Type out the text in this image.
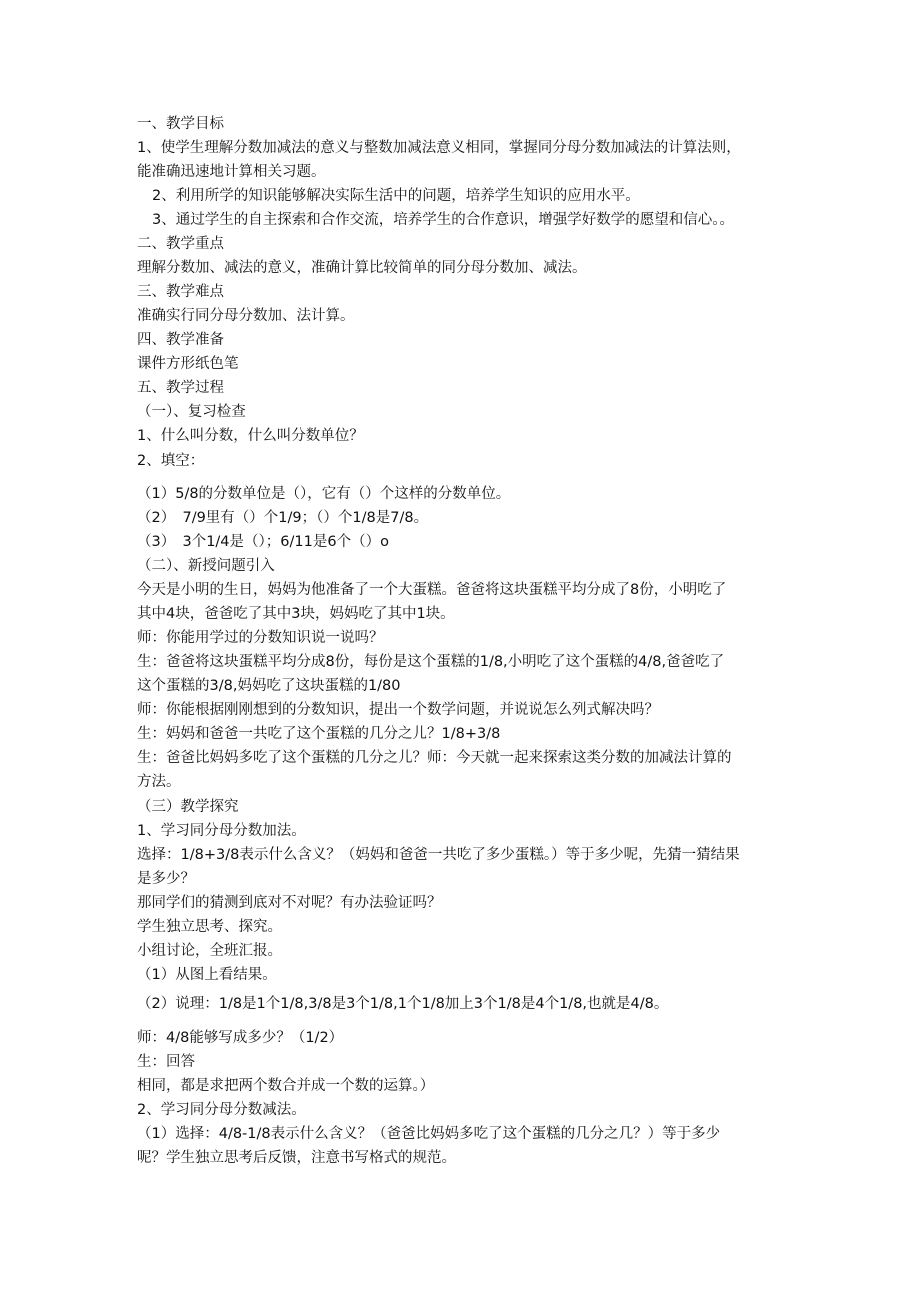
一、教学目标
1、使学生理解分数加减法的意义与整数加减法意义相同，掌握同分母分数加减法的计算法则，
能准确迅速地计算相关习题。
2、利用所学的知识能够解决实际生活中的问题，培养学生知识的应用水平。
3、通过学生的自主探索和合作交流，培养学生的合作意识，增强学好数学的愿望和信心。。
二、教学重点
理解分数加、减法的意义，准确计算比较简单的同分母分数加、减法。
三、教学难点
准确实行同分母分数加、法计算。
四、教学准备
课件方形纸色笔
五、教学过程
（一）、复习检查
1、什么叫分数，什么叫分数单位？
2、填空：
（1）5/8的分数单位是（），它有（）个这样的分数单位。
（2）　7/9里有（）个1/9；（）个1/8是7/8。
（3）　3个1/4是（）；6/11是6个（）o
（二）、新授问题引入
今天是小明的生日，妈妈为他准备了一个大蛋糕。爸爸将这块蛋糕平均分成了8份，小明吃了
其中4块，爸爸吃了其中3块，妈妈吃了其中1块。
师：你能用学过的分数知识说一说吗？
生：爸爸将这块蛋糕平均分成8份，每份是这个蛋糕的1/8,小明吃了这个蛋糕的4/8,爸爸吃了
这个蛋糕的3/8,妈妈吃了这块蛋糕的1/80
师：你能根据刚刚想到的分数知识，提出一个数学问题，并说说怎么列式解决吗？
生：妈妈和爸爸一共吃了这个蛋糕的几分之儿？1/8+3/8
生：爸爸比妈妈多吃了这个蛋糕的几分之儿？师：今天就一起来探索这类分数的加减法计算的
方法。
（三）教学探究
1、学习同分母分数加法。
选择：1/8+3/8表示什么含义？（妈妈和爸爸一共吃了多少蛋糕。）等于多少呢，先猜一猜结果
是多少？
那同学们的猜测到底对不对呢？有办法验证吗？
学生独立思考、探究。
小组讨论，全班汇报。
（1）从图上看结果。
（2）说理：1/8是1个1/8,3/8是3个1/8,1个1/8加上3个1/8是4个1/8,也就是4/8。
师：4/8能够写成多少？（1/2）
生：回答
相同，都是求把两个数合并成一个数的运算。）
2、学习同分母分数减法。
（1）选择：4/8-1/8表示什么含义？（爸爸比妈妈多吃了这个蛋糕的几分之几？）等于多少
呢？学生独立思考后反馈，注意书写格式的规范。
